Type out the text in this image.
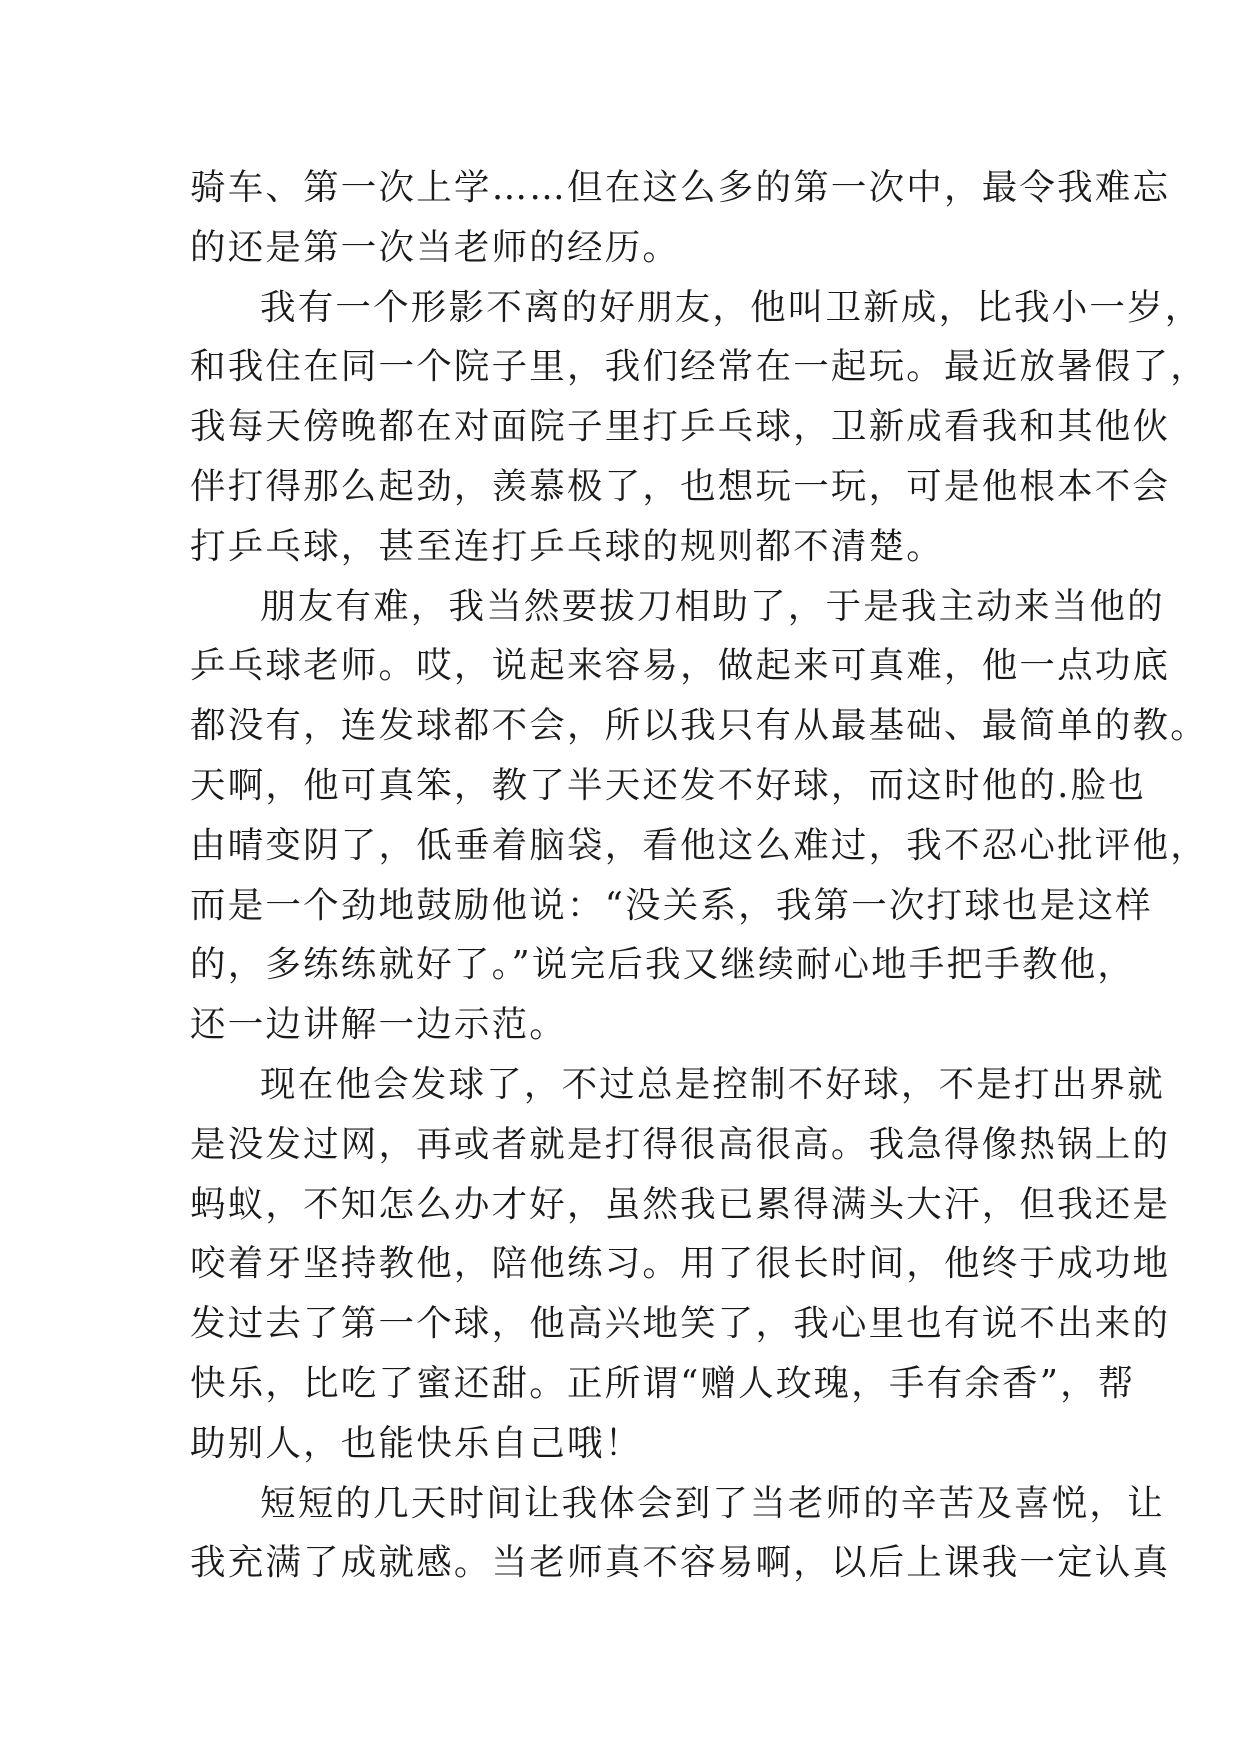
骑车、第一次上学……但在这么多的第一次中，最令我难忘
的还是第一次当老师的经历。
我有一个形影不离的好朋友，他叫卫新成，比我小一岁，
和我住在同一个院子里，我们经常在一起玩。最近放暑假了，
我每天傍晚都在对面院子里打乒乓球，卫新成看我和其他伙
伴打得那么起劲，羡慕极了，也想玩一玩，可是他根本不会
打乒乓球，甚至连打乒乓球的规则都不清楚。
朋友有难，我当然要拔刀相助了，于是我主动来当他的
乒乓球老师。哎，说起来容易，做起来可真难，他一点功底
都没有，连发球都不会，所以我只有从最基础、最简单的教。
天啊，他可真笨，教了半天还发不好球，而这时他的.脸也
由晴变阴了，低垂着脑袋，看他这么难过，我不忍心批评他，
而是一个劲地鼓励他说：“没关系，我第一次打球也是这样
的，多练练就好了。”说完后我又继续耐心地手把手教他，
还一边讲解一边示范。
现在他会发球了，不过总是控制不好球，不是打出界就
是没发过网，再或者就是打得很高很高。我急得像热锅上的
蚂蚁，不知怎么办才好，虽然我已累得满头大汗，但我还是
咬着牙坚持教他，陪他练习。用了很长时间，他终于成功地
发过去了第一个球，他高兴地笑了，我心里也有说不出来的
快乐，比吃了蜜还甜。正所谓“赠人玫瑰，手有余香”，帮
助别人，也能快乐自己哦！
短短的几天时间让我体会到了当老师的辛苦及喜悦，让
我充满了成就感。当老师真不容易啊，以后上课我一定认真
